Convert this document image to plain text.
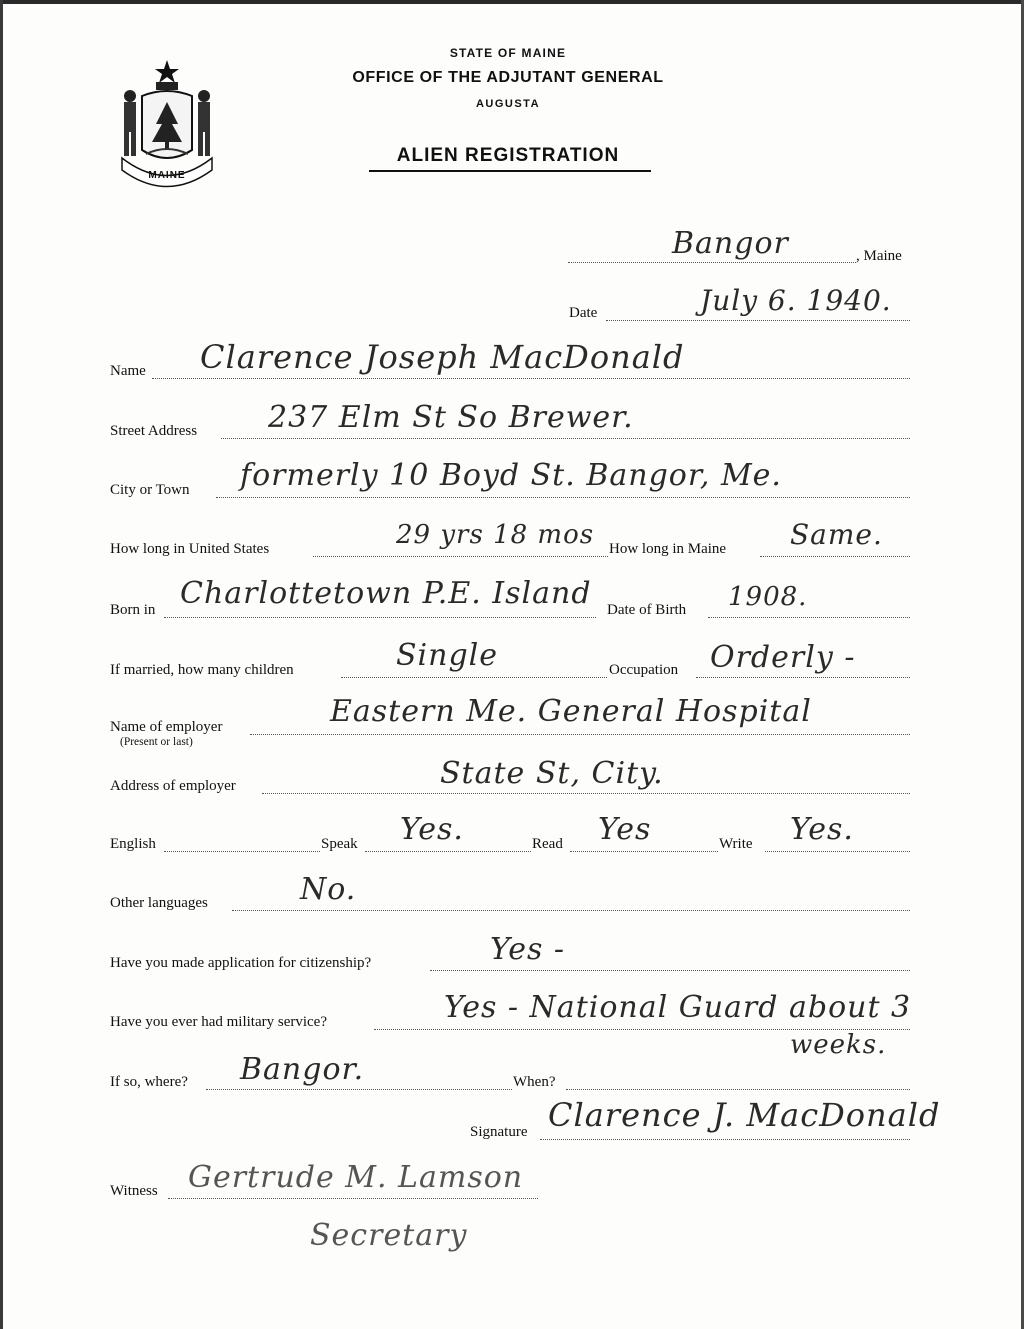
MAINE
STATE OF MAINE
OFFICE OF THE ADJUTANT GENERAL
AUGUSTA
ALIEN REGISTRATION
Bangor	, Maine
Date	July 6. 1940.
Name Clarence Joseph MacDonald
Street Address 237 Elm St So Brewer.
City or Town formerly 10 Boyd St. Bangor, Me.
How long in United States	29 yrs 18 mos How long in Maine Same.
Born in Charlottetown P.E. Island Date of Birth 1908.
If married, how many children	Single	Occupation Orderly -
Name of employer
(Present or last)
Eastern Me. General Hospital
Address of employer	State St, City.
English	Speak Yes.	Read Yes	Write Yes.
Other languages	No.
Have you made application for citizenship?	Yes -
Have you ever had military service?	Yes - National Guard about 3
weeks.
If so, where? Bangor.	When?
Signature Clarence J. MacDonald
Witness Gertrude M. Lamson
Secretary
